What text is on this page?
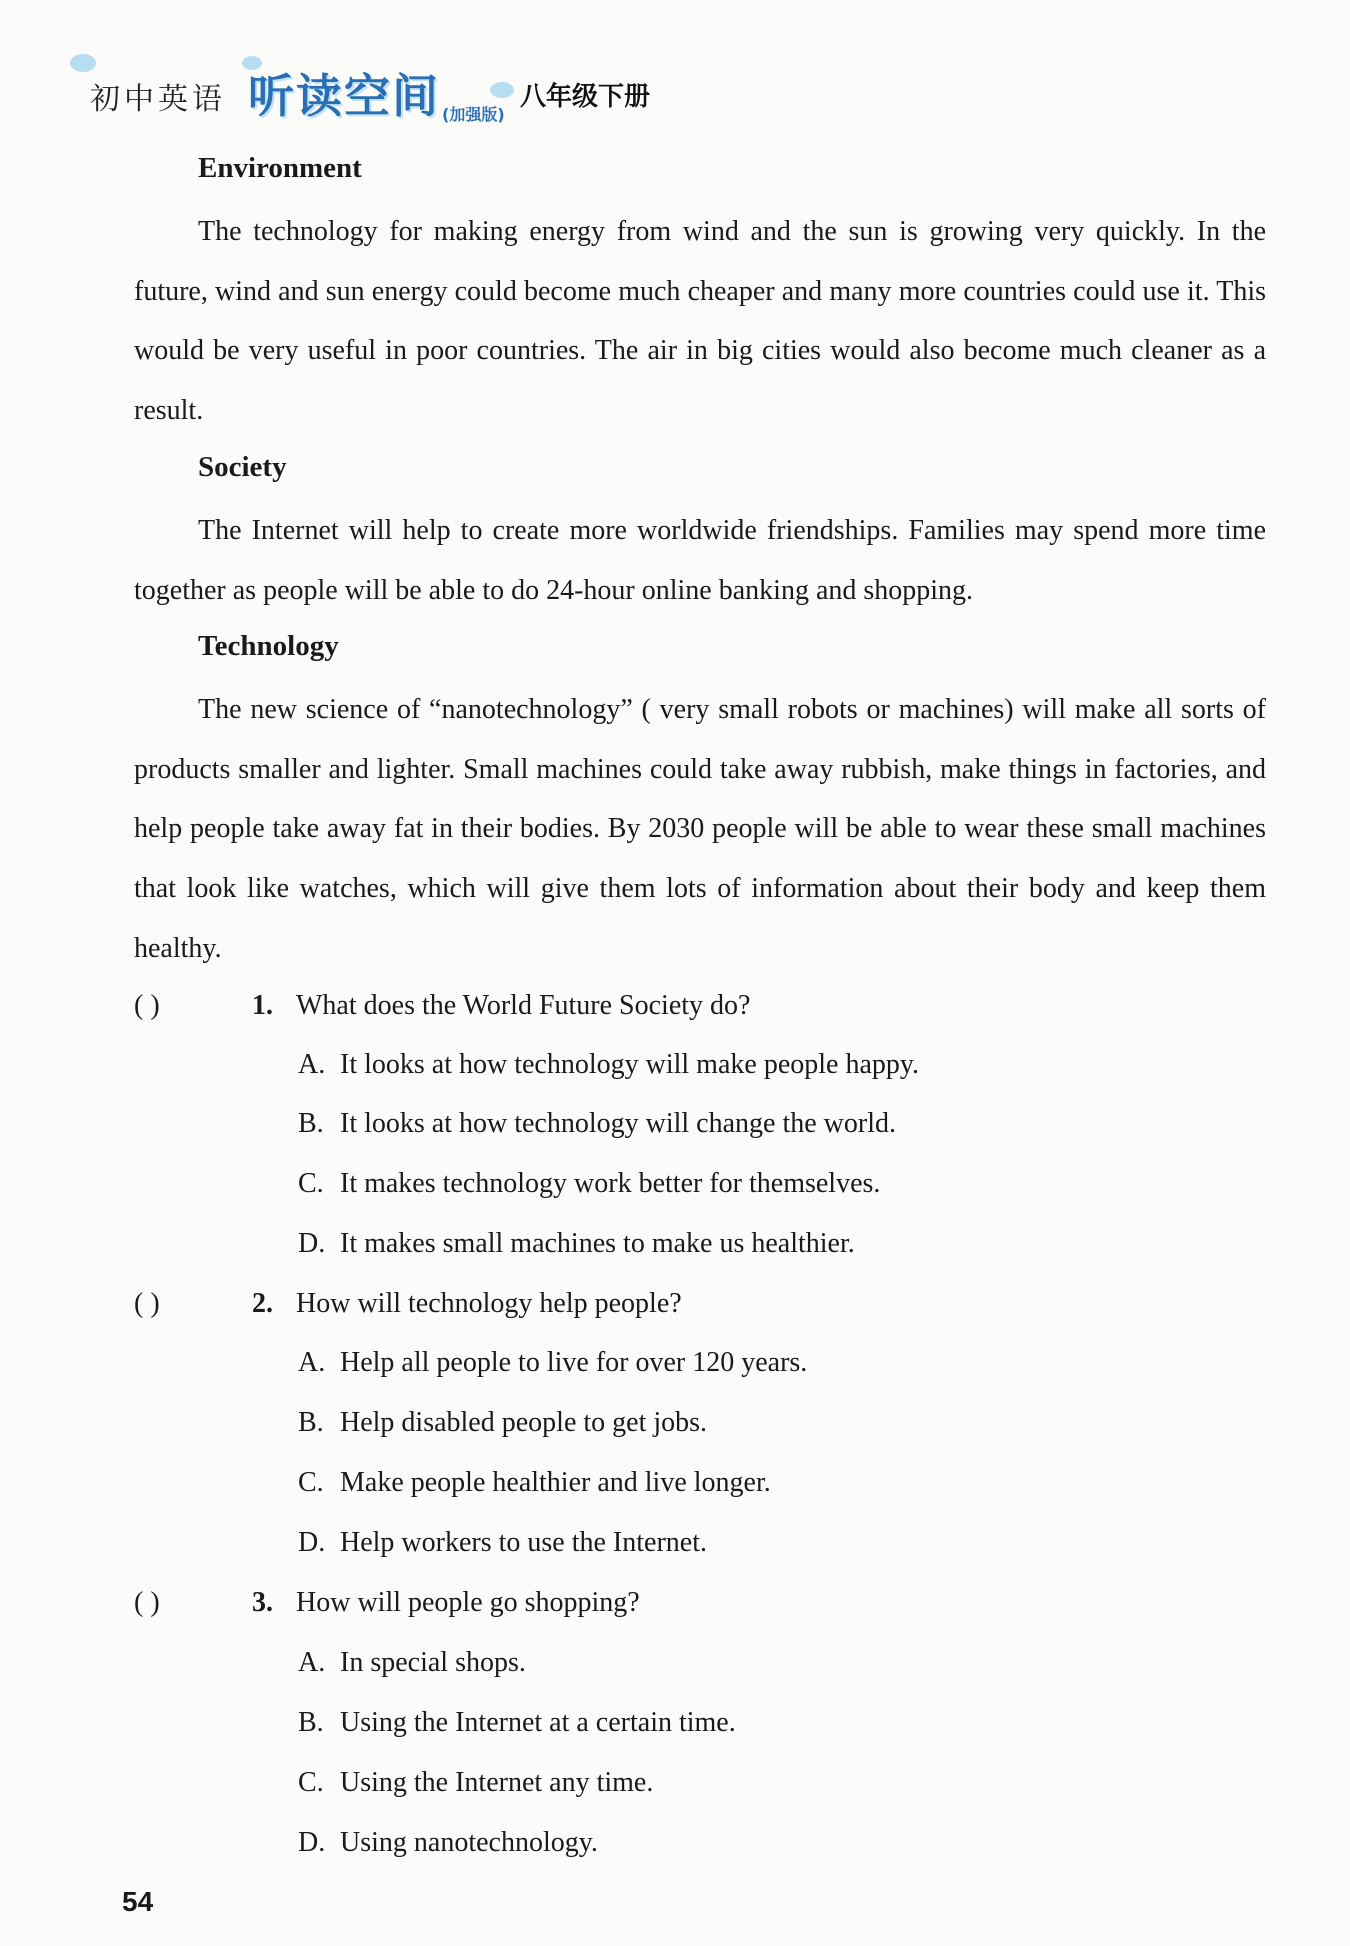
初中英语 听读空间 (加强版)
八年级下册
Environment

The technology for making energy from wind and the sun is growing very quickly. In the future, wind and sun energy could become much cheaper and many more countries could use it. This would be very useful in poor countries. The air in big cities would also become much cleaner as a result.

Society

The Internet will help to create more worldwide friendships. Families may spend more time together as people will be able to do 24-hour online banking and shopping.

Technology

The new science of “nanotechnology” ( very small robots or machines) will make all sorts of products smaller and lighter. Small machines could take away rubbish, make things in factories, and help people take away fat in their bodies. By 2030 people will be able to wear these small machines that look like watches, which will give them lots of information about their body and keep them healthy.

( )	1. What does the World Future Society do?
A. It looks at how technology will make people happy.
B. It looks at how technology will change the world.
C. It makes technology work better for themselves.
D. It makes small machines to make us healthier.
( )	2. How will technology help people?
A. Help all people to live for over 120 years.
B. Help disabled people to get jobs.
C. Make people healthier and live longer.
D. Help workers to use the Internet.
( )	3. How will people go shopping?
A. In special shops.
B. Using the Internet at a certain time.
C. Using the Internet any time.
D. Using nanotechnology.
54
